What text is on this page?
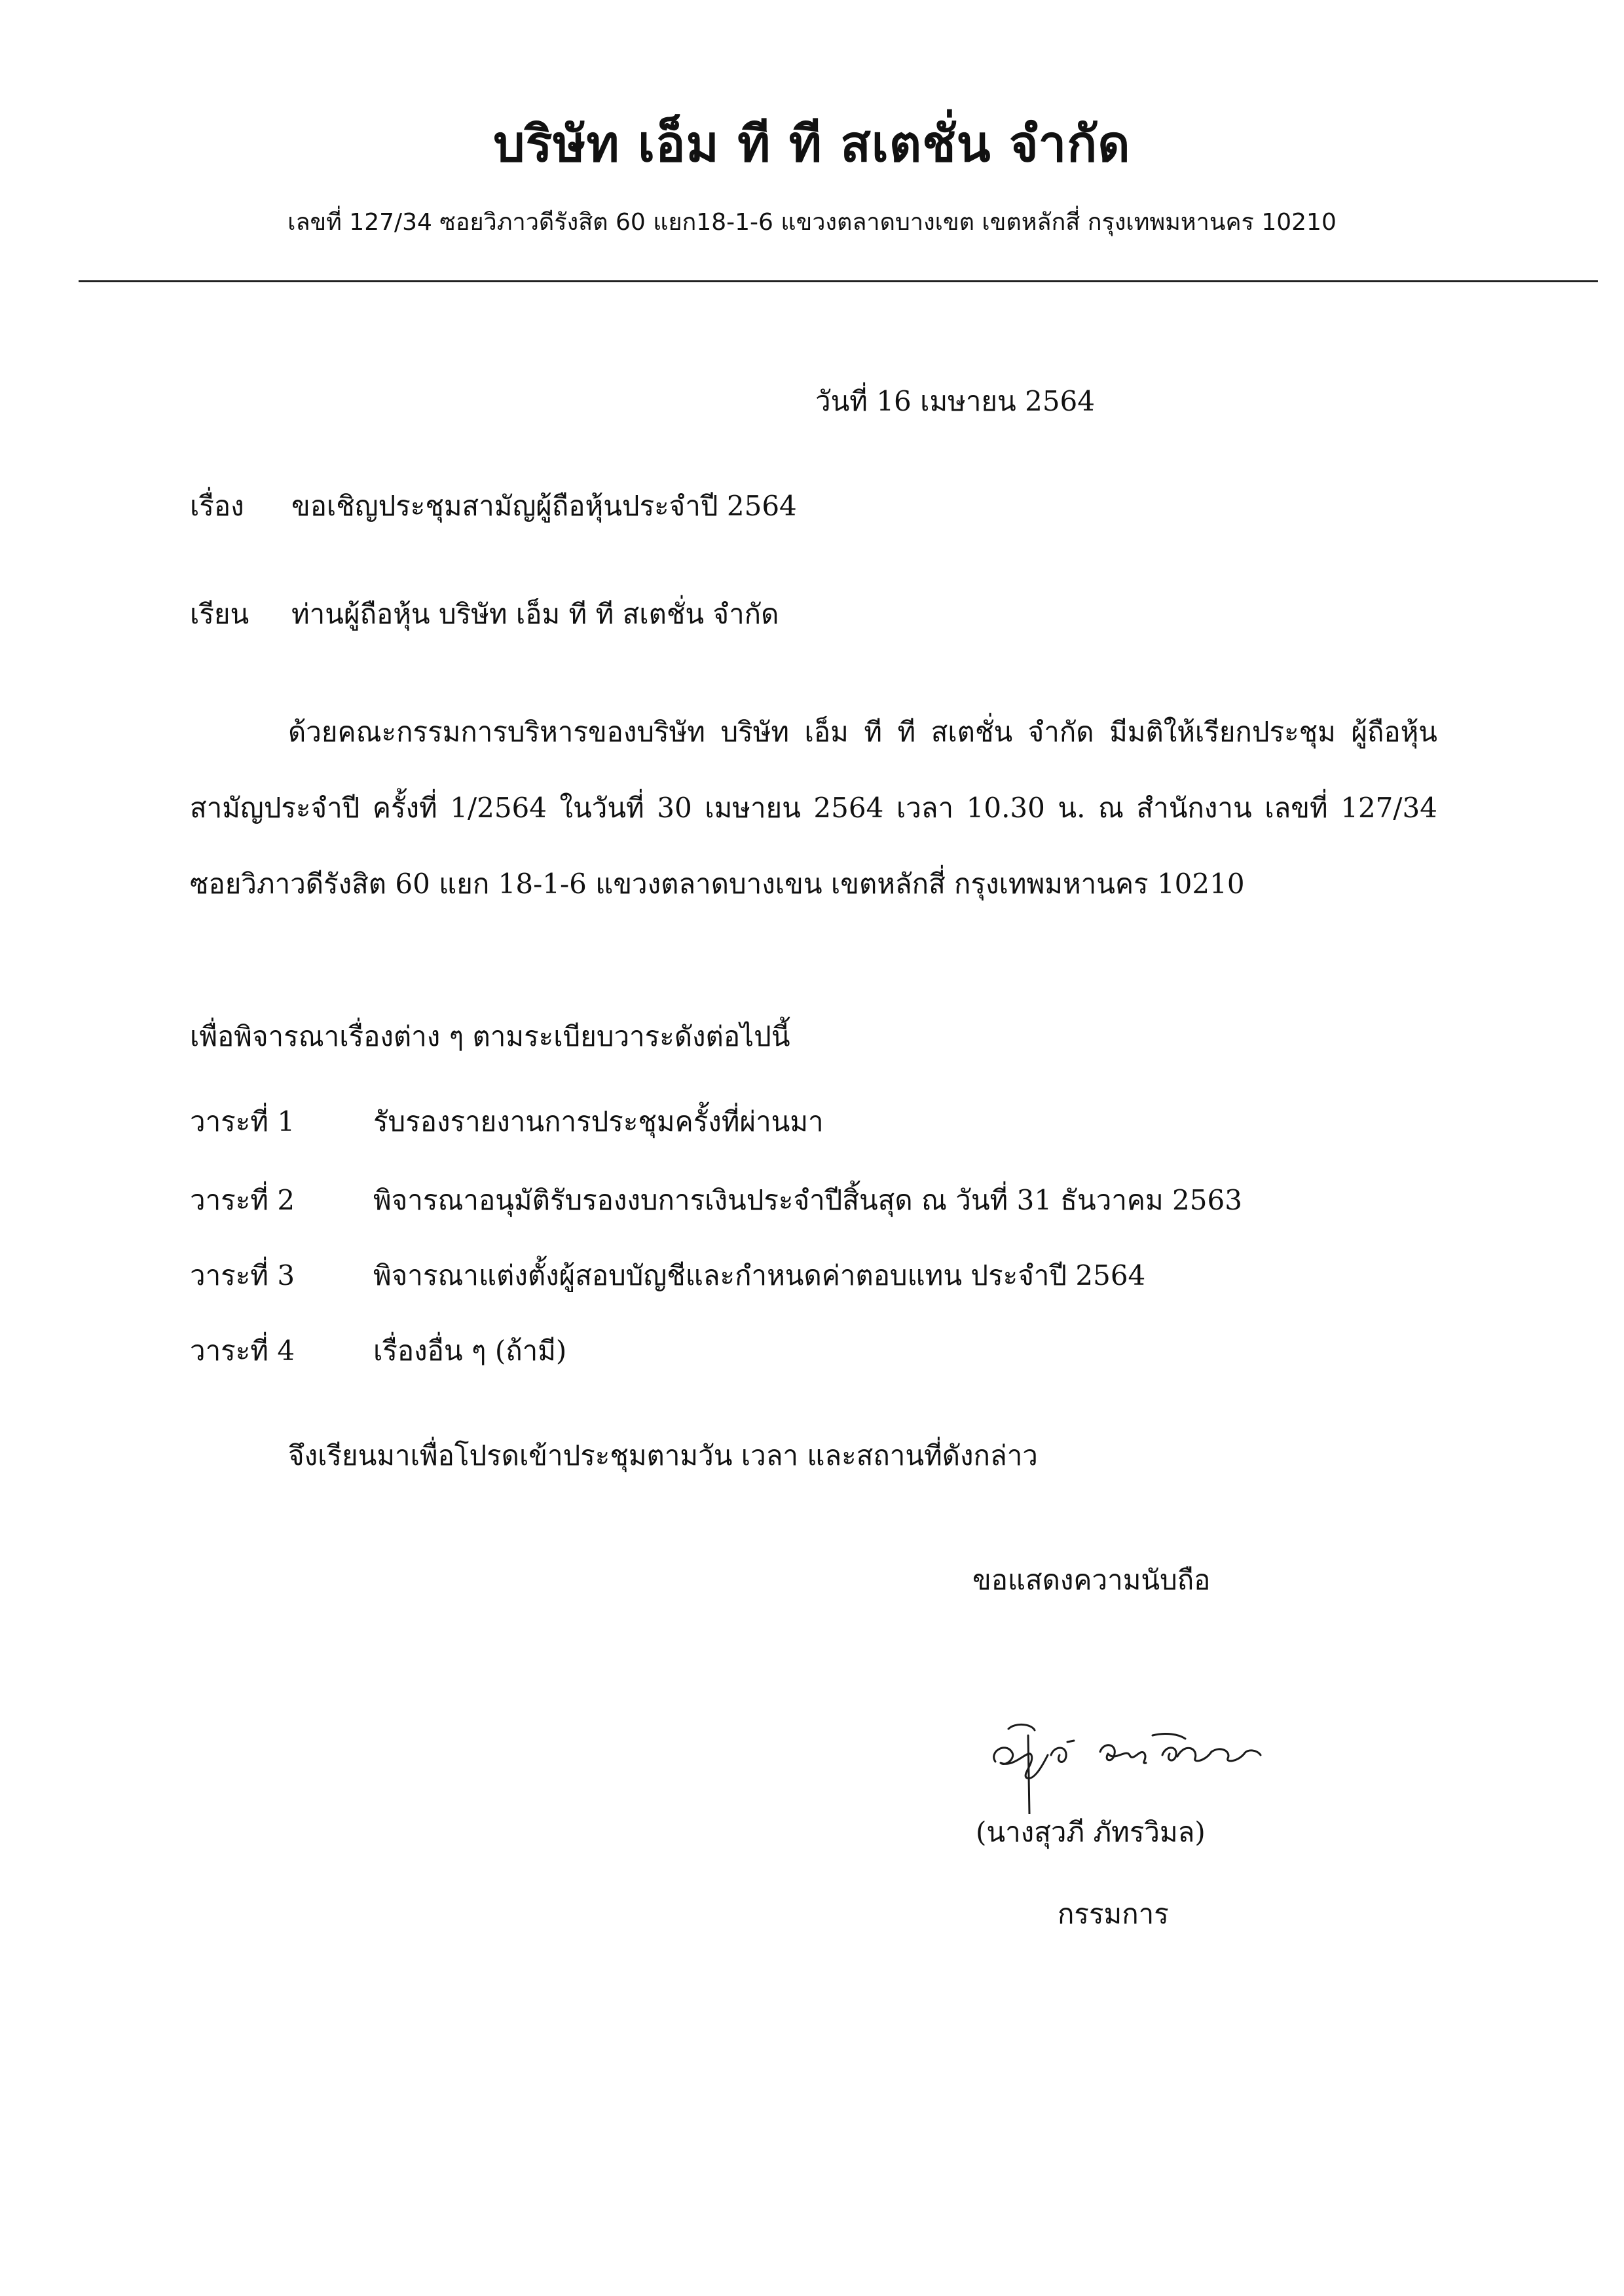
บริษัท เอ็ม ที ที สเตชั่น จำกัด
เลขที่ 127/34 ซอยวิภาวดีรังสิต 60 แยก18-1-6 แขวงตลาดบางเขต เขตหลักสี่ กรุงเทพมหานคร 10210
วันที่ 16 เมษายน 2564
เรื่อง ขอเชิญประชุมสามัญผู้ถือหุ้นประจำปี 2564
เรียน ท่านผู้ถือหุ้น บริษัท เอ็ม ที ที สเตชั่น จำกัด
ด้วยคณะกรรมการบริหารของบริษัท บริษัท เอ็ม ที ที สเตชั่น จำกัด มีมติให้เรียกประชุม ผู้ถือหุ้นสามัญประจำปี ครั้งที่ 1/2564 ในวันที่ 30 เมษายน 2564 เวลา 10.30 น. ณ สำนักงาน เลขที่ 127/34 ซอยวิภาวดีรังสิต 60 แยก 18-1-6 แขวงตลาดบางเขน เขตหลักสี่ กรุงเทพมหานคร 10210
เพื่อพิจารณาเรื่องต่าง ๆ ตามระเบียบวาระดังต่อไปนี้
วาระที่ 1	รับรองรายงานการประชุมครั้งที่ผ่านมา
วาระที่ 2	พิจารณาอนุมัติรับรองงบการเงินประจำปีสิ้นสุด ณ วันที่ 31 ธันวาคม 2563
วาระที่ 3	พิจารณาแต่งตั้งผู้สอบบัญชีและกำหนดค่าตอบแทน ประจำปี 2564
วาระที่ 4	เรื่องอื่น ๆ (ถ้ามี)
จึงเรียนมาเพื่อโปรดเข้าประชุมตามวัน เวลา และสถานที่ดังกล่าว
ขอแสดงความนับถือ
(นางสุวภี ภัทรวิมล)
กรรมการ
